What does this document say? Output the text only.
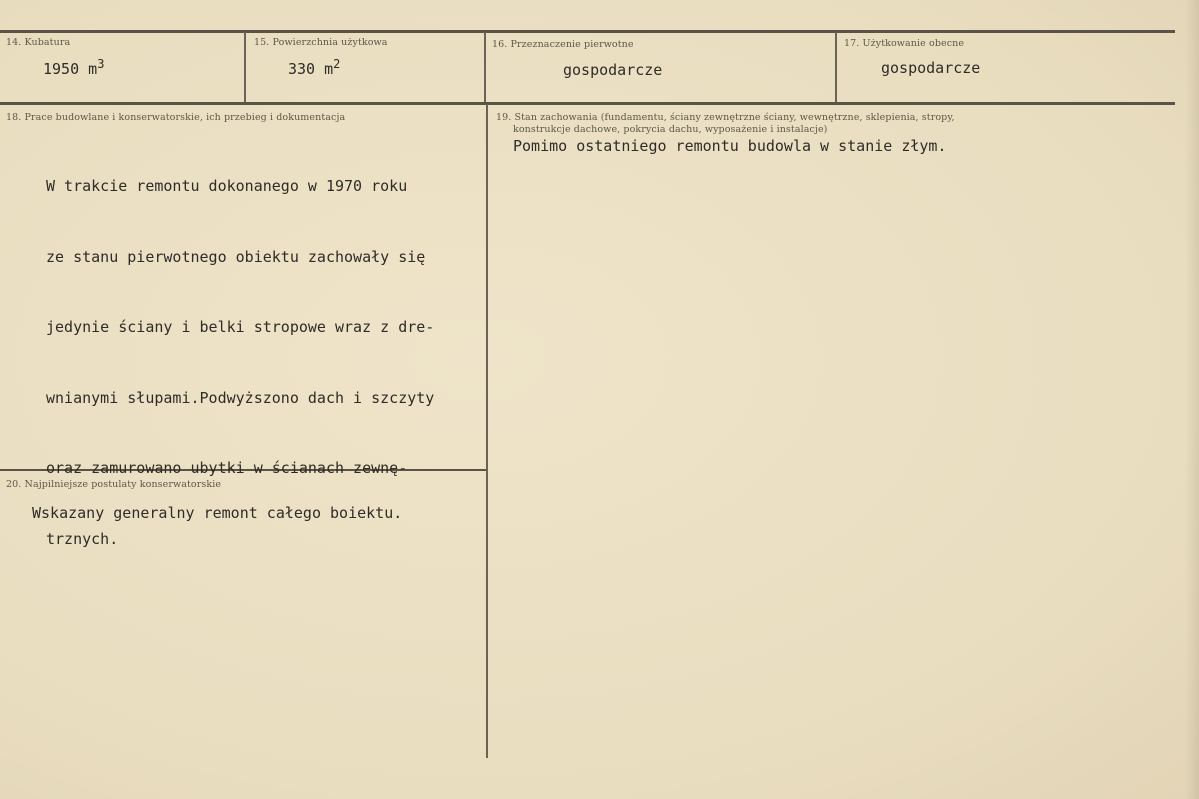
14. Kubatura
1950 $m^3$
15. Powierzchnia użytkowa
330 $m^2$
16. Przeznaczenie pierwotne
gospodarcze
17. Użytkowanie obecne
gospodarcze
18. Prace budowlane i konserwatorskie, ich przebieg i dokumentacja

W trakcie remontu dokonanego w 1970 roku

ze stanu pierwotnego obiektu zachowały się

jedynie ściany i belki stropowe wraz z dre-

wnianymi słupami.Podwyższono dach i szczyty

oraz zamurowano ubytki w ścianach zewnę-

trznych.

19. Stan zachowania (fundamentu, ściany zewnętrzne ściany, wewnętrzne, sklepienia, stropy,
konstrukcje dachowe, pokrycia dachu, wyposażenie i instalacje)
Pomimo ostatniego remontu budowla w stanie złym.
20. Najpilniejsze postulaty konserwatorskie
Wskazany generalny remont całego boiektu.
